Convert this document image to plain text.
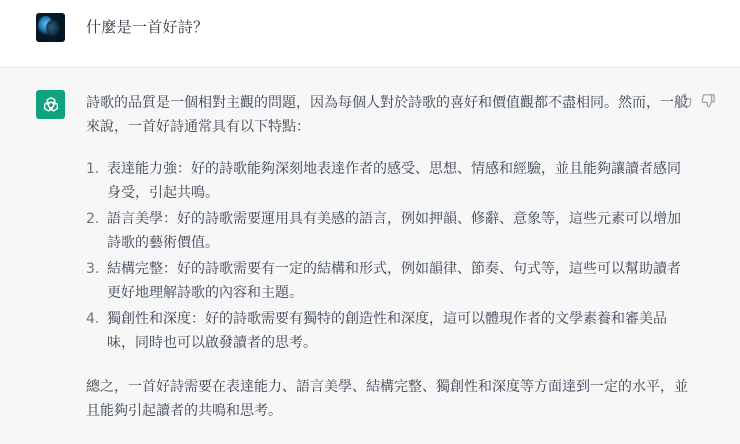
什麼是一首好詩？

詩歌的品質是一個相對主觀的問題，因為每個人對於詩歌的喜好和價值觀都不盡相同。然而，一般來說，一首好詩通常具有以下特點：

1. 表達能力強：好的詩歌能夠深刻地表達作者的感受、思想、情感和經驗，並且能夠讓讀者感同身受，引起共鳴。
2. 語言美學：好的詩歌需要運用具有美感的語言，例如押韻、修辭、意象等，這些元素可以增加詩歌的藝術價值。
3. 結構完整：好的詩歌需要有一定的結構和形式，例如韻律、節奏、句式等，這些可以幫助讀者更好地理解詩歌的內容和主題。
4. 獨創性和深度：好的詩歌需要有獨特的創造性和深度，這可以體現作者的文學素養和審美品味，同時也可以啟發讀者的思考。

總之，一首好詩需要在表達能力、語言美學、結構完整、獨創性和深度等方面達到一定的水平，並且能夠引起讀者的共鳴和思考。
